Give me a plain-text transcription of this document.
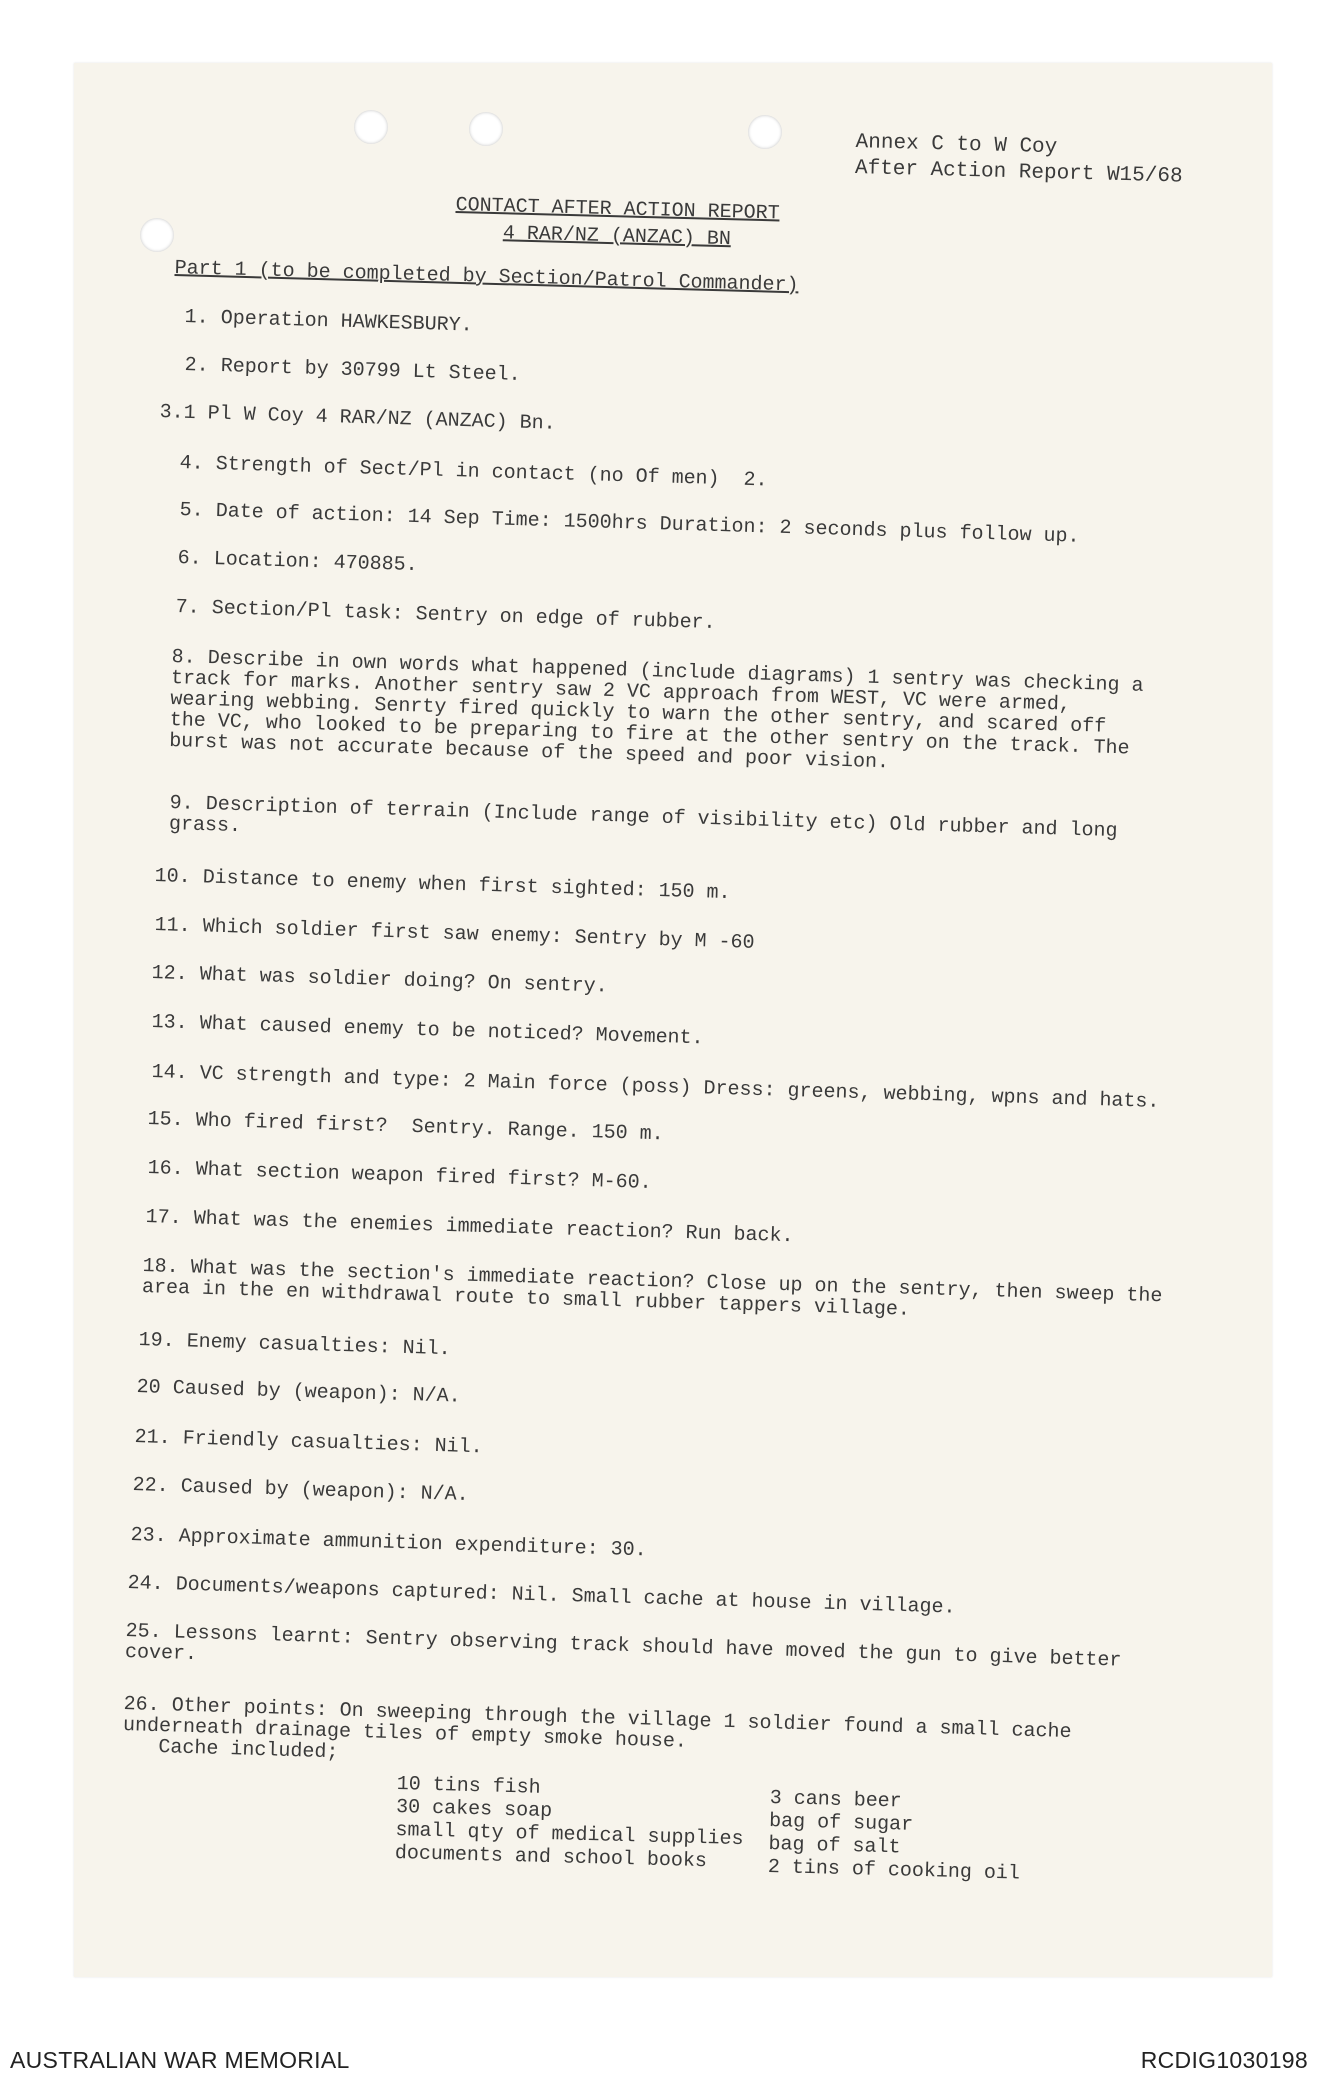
Annex C to W Coy
After Action Report W15/68
CONTACT AFTER ACTION REPORT
4 RAR/NZ (ANZAC) BN
Part 1 (to be completed by Section/Patrol Commander)
1. Operation HAWKESBURY.
2. Report by 30799 Lt Steel.
3.1 Pl W Coy 4 RAR/NZ (ANZAC) Bn.
4. Strength of Sect/Pl in contact (no Of men)  2.
5. Date of action: 14 Sep Time: 1500hrs Duration: 2 seconds plus follow up.
6. Location: 470885.
7. Section/Pl task: Sentry on edge of rubber.
8. Describe in own words what happened (include diagrams) 1 sentry was checking a
track for marks. Another sentry saw 2 VC approach from WEST, VC were armed,
wearing webbing. Senrty fired quickly to warn the other sentry, and scared off
the VC, who looked to be preparing to fire at the other sentry on the track. The
burst was not accurate because of the speed and poor vision.
9. Description of terrain (Include range of visibility etc) Old rubber and long
grass.
10. Distance to enemy when first sighted: 150 m.
11. Which soldier first saw enemy: Sentry by M -60
12. What was soldier doing? On sentry.
13. What caused enemy to be noticed? Movement.
14. VC strength and type: 2 Main force (poss) Dress: greens, webbing, wpns and hats.
15. Who fired first?  Sentry. Range. 150 m.
16. What section weapon fired first? M-60.
17. What was the enemies immediate reaction? Run back.
18. What was the section's immediate reaction? Close up on the sentry, then sweep the
area in the en withdrawal route to small rubber tappers village.
19. Enemy casualties: Nil.
20 Caused by (weapon): N/A.
21. Friendly casualties: Nil.
22. Caused by (weapon): N/A.
23. Approximate ammunition expenditure: 30.
24. Documents/weapons captured: Nil. Small cache at house in village.
25. Lessons learnt: Sentry observing track should have moved the gun to give better
cover.
26. Other points: On sweeping through the village 1 soldier found a small cache
underneath drainage tiles of empty smoke house.
Cache included;
10 tins fish
30 cakes soap
small qty of medical supplies
documents and school books
3 cans beer
bag of sugar
bag of salt
2 tins of cooking oil
AUSTRALIAN WAR MEMORIAL	RCDIG1030198
